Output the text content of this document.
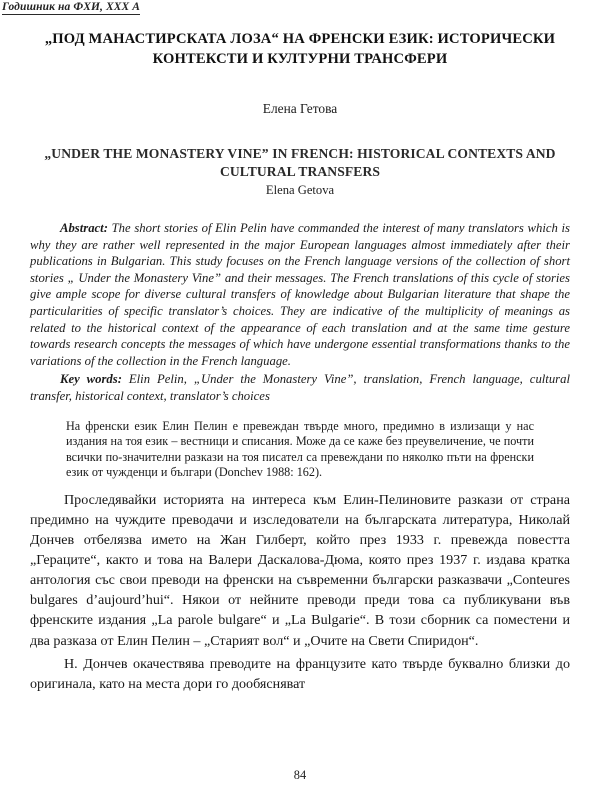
Годишник на ФХИ, XXX А
„ПОД МАНАСТИРСКАТА ЛОЗА“ НА ФРЕНСКИ ЕЗИК: ИСТОРИЧЕСКИ КОНТЕКСТИ И КУЛТУРНИ ТРАНСФЕРИ

Елена Гетова

„UNDER THE MONASTERY VINE” IN FRENCH: HISTORICAL CONTEXTS AND CULTURAL TRANSFERS

Elena Getova

Abstract: The short stories of Elin Pelin have commanded the interest of many translators which is why they are rather well represented in the major European languages almost immediately after their publications in Bulgarian. This study focuses on the French language versions of the collection of short stories „ Under the Monastery Vine” and their messages. The French translations of this cycle of stories give ample scope for diverse cultural transfers of knowledge about Bulgarian literature that shape the particularities of specific translator’s choices. They are indicative of the multiplicity of meanings as related to the historical context of the appearance of each translation and at the same time gesture towards research concepts the messages of which have undergone essential transformations thanks to the variations of the collection in the French language.

Key words: Elin Pelin, „Under the Monastery Vine”, translation, French language, cultural transfer, historical context, translator’s choices

На френски език Елин Пелин е превеждан твърде много, предимно в излизащи у нас издания на тоя език – вестници и списания. Може да се каже без преувеличение, че почти всички по-значителни разкази на тоя писател са превеждани по няколко пъти на френски език от чужденци и българи (Donchev 1988: 162).

Проследявайки историята на интереса към Елин-Пелиновите разкази от страна предимно на чуждите преводачи и изследователи на българската литература, Николай Дончев отбелязва името на Жан Гилберт, който през 1933 г. превежда повестта „Гераците“, както и това на Валери Даскалова-Дюма, която през 1937 г. издава кратка антология със свои преводи на френски на съвременни български разказвачи „Conteures bulgares d’aujourd’hui“. Някои от нейните преводи преди това са публикувани във френските издания „La parole bulgare“ и „La Bulgarie“. В този сборник са поместени и два разказа от Елин Пелин – „Старият вол“ и „Очите на Свети Спиридон“.

Н. Дончев окачествява преводите на французите като твърде буквално близки до оригинала, като на места дори го дообясняват

84
